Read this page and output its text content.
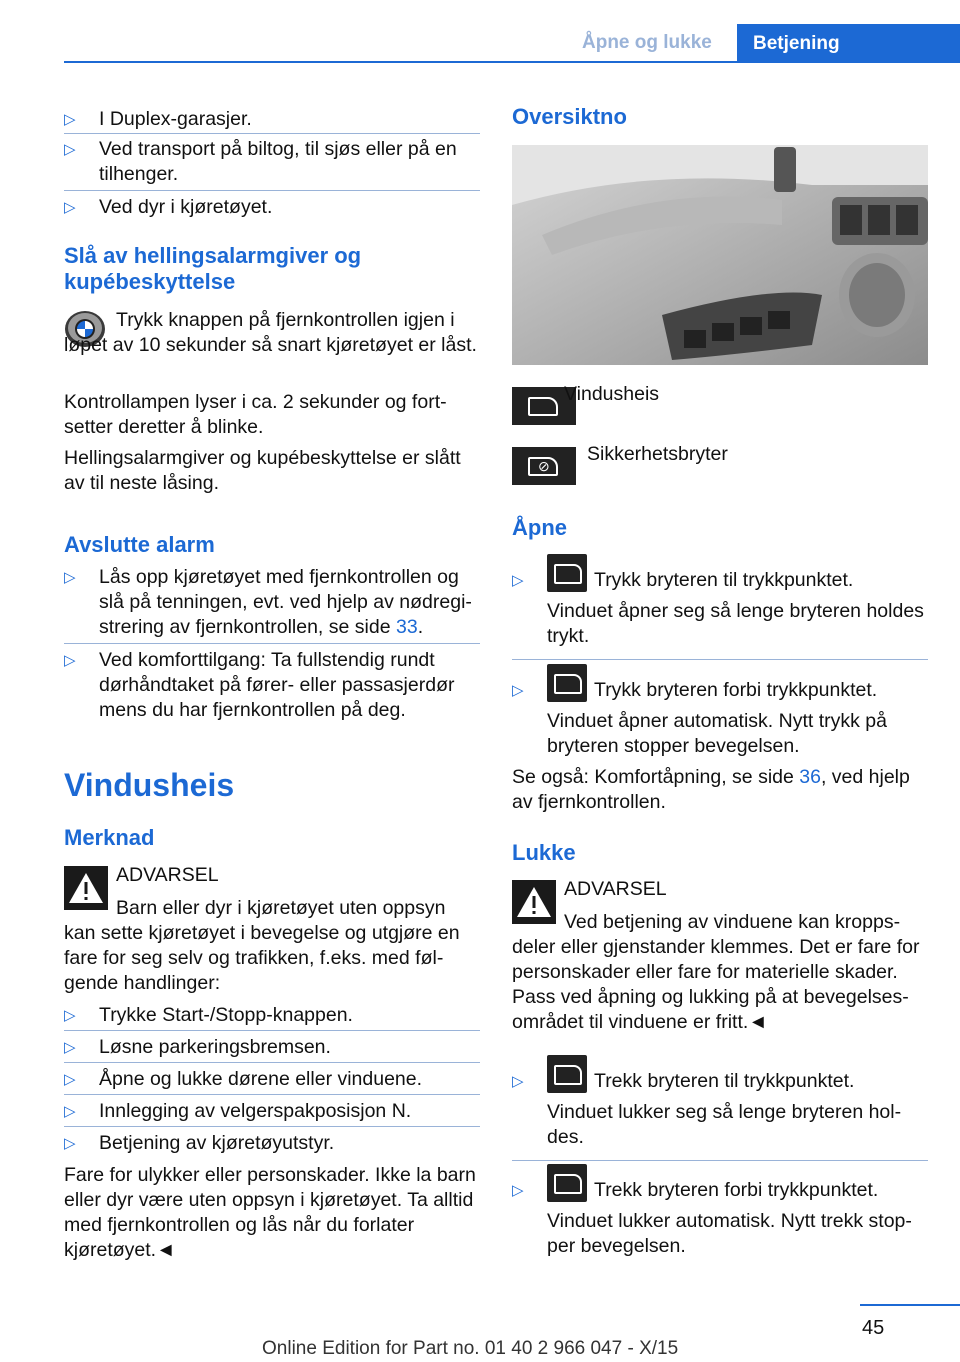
Åpne og lukke Betjening
▷ I Duplex-garasjer.
▷ Ved transport på biltog, til sjøs eller på en tilhenger.
▷ Ved dyr i kjøretøyet.
Slå av hellingsalarmgiver og kupébeskyttelse
Trykk knappen på fjernkontrollen igjen i løpet av 10 sekunder så snart kjøretøyet er låst.
Kontrollampen lyser i ca. 2 sekunder og fortsetter deretter å blinke.
Hellingsalarmgiver og kupébeskyttelse er slått av til neste låsing.
Avslutte alarm
▷ Lås opp kjøretøyet med fjernkontrollen og slå på tenningen, evt. ved hjelp av nødregistrering av fjernkontrollen, se side 33.
▷ Ved komforttilgang: Ta fullstendig rundt dørhåndtaket på fører- eller passasjerdør mens du har fjernkontrollen på deg.
Vindusheis
Merknad
ADVARSEL
Barn eller dyr i kjøretøyet uten oppsyn kan sette kjøretøyet i bevegelse og utgjøre en fare for seg selv og trafikken, f.eks. med følgende handlinger:
▷ Trykke Start-/Stopp-knappen.
▷ Løsne parkeringsbremsen.
▷ Åpne og lukke dørene eller vinduene.
▷ Innlegging av velgerspakposisjon N.
▷ Betjening av kjøretøyutstyr.
Fare for ulykker eller personskader. Ikke la barn eller dyr være uten oppsyn i kjøretøyet. Ta alltid med fjernkontrollen og lås når du forlater kjøretøyet.◄
Oversiktno
Vindusheis
⊘
Sikkerhetsbryter
Åpne
▷	Trykk bryteren til trykkpunktet.
Vinduet åpner seg så lenge bryteren holdes trykt.
▷	Trykk bryteren forbi trykkpunktet.
Vinduet åpner automatisk. Nytt trykk på bryteren stopper bevegelsen.
Se også: Komfortåpning, se side 36, ved hjelp av fjernkontrollen.
Lukke
ADVARSEL
Ved betjening av vinduene kan kroppsdeler eller gjenstander klemmes. Det er fare for personskader eller fare for materielle skader. Pass ved åpning og lukking på at bevegelsesområdet til vinduene er fritt.◄
▷	Trekk bryteren til trykkpunktet.
Vinduet lukker seg så lenge bryteren holdes.
▷	Trekk bryteren forbi trykkpunktet.
Vinduet lukker automatisk. Nytt trekk stopper bevegelsen.
45
Online Edition for Part no. 01 40 2 966 047 - X/15
